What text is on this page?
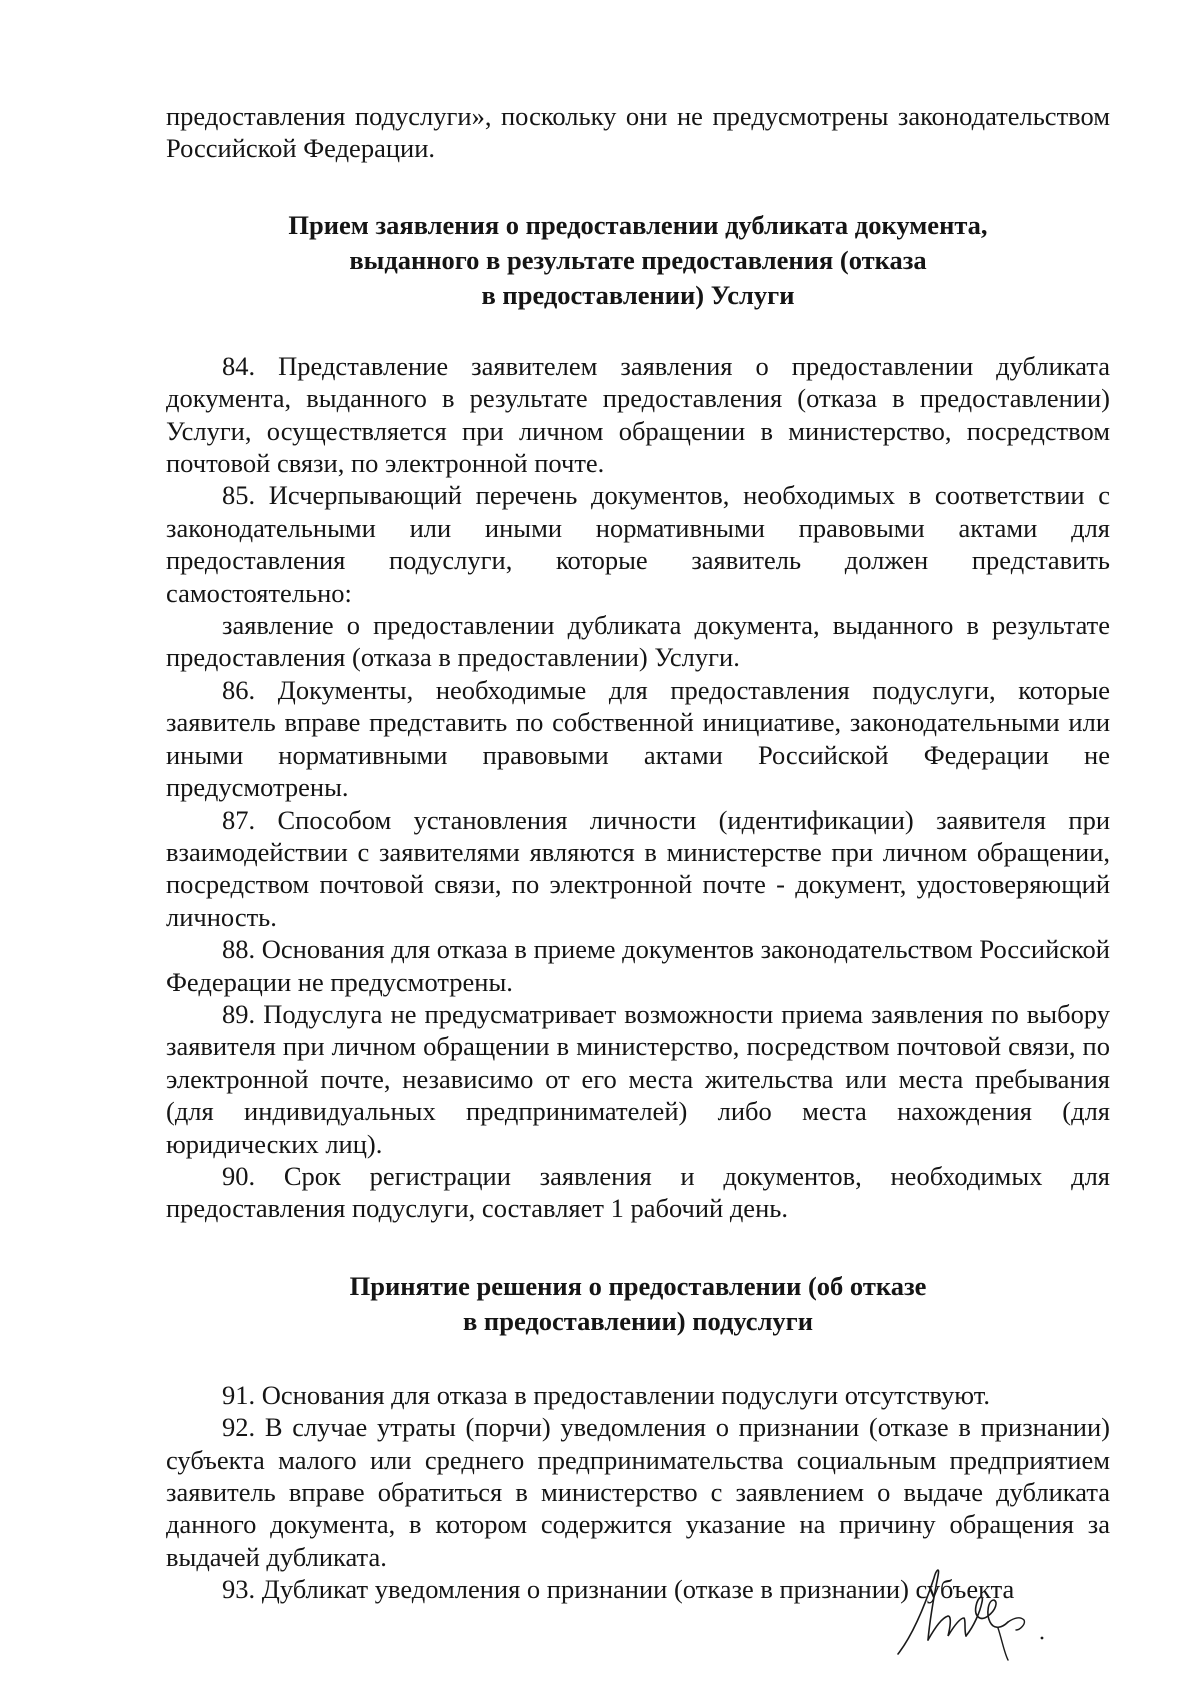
предоставления подуслуги», поскольку они не предусмотрены законодательством Российской Федерации.

Прием заявления о предоставлении дубликата документа,
выданного в результате предоставления (отказа
в предоставлении) Услуги

84. Представление заявителем заявления о предоставлении дубликата документа, выданного в результате предоставления (отказа в предоставлении) Услуги, осуществляется при личном обращении в министерство, посредством почтовой связи, по электронной почте.

85. Исчерпывающий перечень документов, необходимых в соответствии с законодательными или иными нормативными правовыми актами для предоставления подуслуги, которые заявитель должен представить самостоятельно:

заявление о предоставлении дубликата документа, выданного в результате предоставления (отказа в предоставлении) Услуги.

86. Документы, необходимые для предоставления подуслуги, которые заявитель вправе представить по собственной инициативе, законодательными или иными нормативными правовыми актами Российской Федерации не предусмотрены.

87. Способом установления личности (идентификации) заявителя при взаимодействии с заявителями являются в министерстве при личном обращении, посредством почтовой связи, по электронной почте - документ, удостоверяющий личность.

88. Основания для отказа в приеме документов законодательством Российской Федерации не предусмотрены.

89. Подуслуга не предусматривает возможности приема заявления по выбору заявителя при личном обращении в министерство, посредством почтовой связи, по электронной почте, независимо от его места жительства или места пребывания (для индивидуальных предпринимателей) либо места нахождения (для юридических лиц).

90. Срок регистрации заявления и документов, необходимых для предоставления подуслуги, составляет 1 рабочий день.

Принятие решения о предоставлении (об отказе
в предоставлении) подуслуги

91. Основания для отказа в предоставлении подуслуги отсутствуют.

92. В случае утраты (порчи) уведомления о признании (отказе в признании) субъекта малого или среднего предпринимательства социальным предприятием заявитель вправе обратиться в министерство с заявлением о выдаче дубликата данного документа, в котором содержится указание на причину обращения за выдачей дубликата.

93. Дубликат уведомления о признании (отказе в признании) субъекта
